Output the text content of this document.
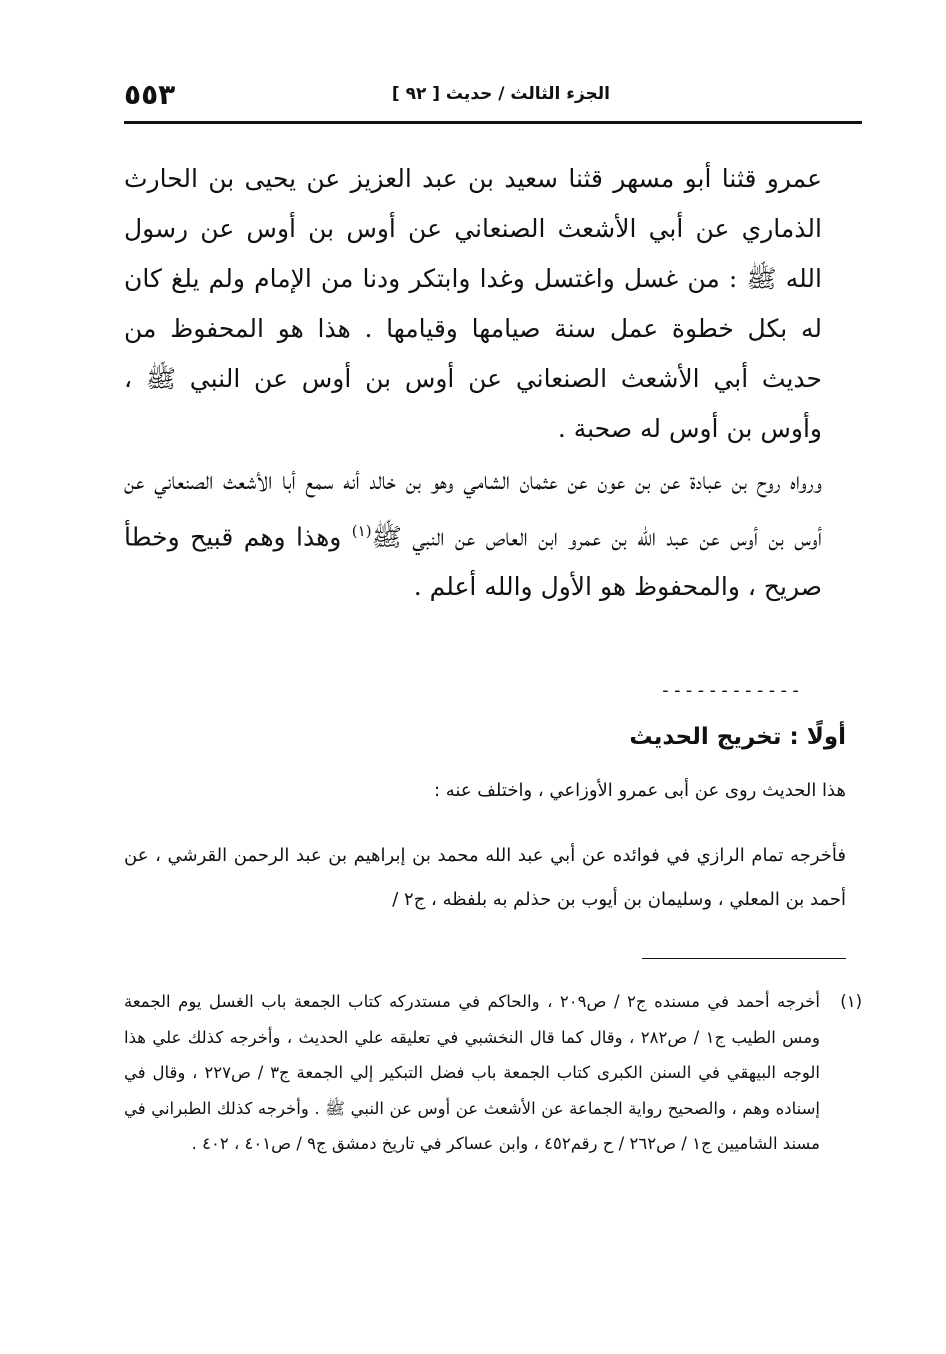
٥٥٣	الجزء الثالث / حديث [ ٩٢ ]
عمرو قثنا أبو مسهر قثنا سعيد بن عبد العزيز عن يحيى بن الحارث الذماري عن أبي الأشعث الصنعاني عن أوس بن أوس عن رسول الله ﷺ : من غسل واغتسل وغدا وابتكر ودنا من الإمام ولم يلغ كان له بكل خطوة عمل سنة صيامها وقيامها . هذا هو المحفوظ من حديث أبي الأشعث الصنعاني عن أوس بن أوس عن النبي ﷺ ، وأوس بن أوس له صحبة .
ورواه روح بن عبادة عن بن عون عن عثمان الشامي وهو بن خالد أنه سمع أبا الأشعث الصنعاني عن أوس بن أوس عن عبد الله بن عمرو ابن العاص عن النبي ﷺ$^{(١)}$ وهذا وهم قبيح وخطأ صريح ، والمحفوظ هو الأول والله أعلم .
------------
أولًا : تخريج الحديث
هذا الحديث روى عن أبى عمرو الأوزاعي ، واختلف عنه :
فأخرجه تمام الرازي في فوائده عن أبي عبد الله محمد بن إبراهيم بن عبد الرحمن القرشي ، عن أحمد بن المعلي ، وسليمان بن أيوب بن حذلم به بلفظه ، ج٢ /
(١)

أخرجه أحمد في مسنده ج٢ / ص٢٠٩ ، والحاكم في مستدركه كتاب الجمعة باب الغسل يوم الجمعة ومس الطيب ج١ / ص٢٨٢ ، وقال كما قال النخشبي في تعليقه علي الحديث ، وأخرجه كذلك علي هذا الوجه البيهقي في السنن الكبرى كتاب الجمعة باب فضل التبكير إلي الجمعة ج٣ / ص٢٢٧ ، وقال في إسناده وهم ، والصحيح رواية الجماعة عن الأشعث عن أوس عن النبي ﷺ . وأخرجه كذلك الطبراني في مسند الشاميين ج١ / ص٢٦٢ / ح رقم٤٥٢ ، وابن عساكر في تاريخ دمشق ج٩ / ص٤٠١ ، ٤٠٢ .
